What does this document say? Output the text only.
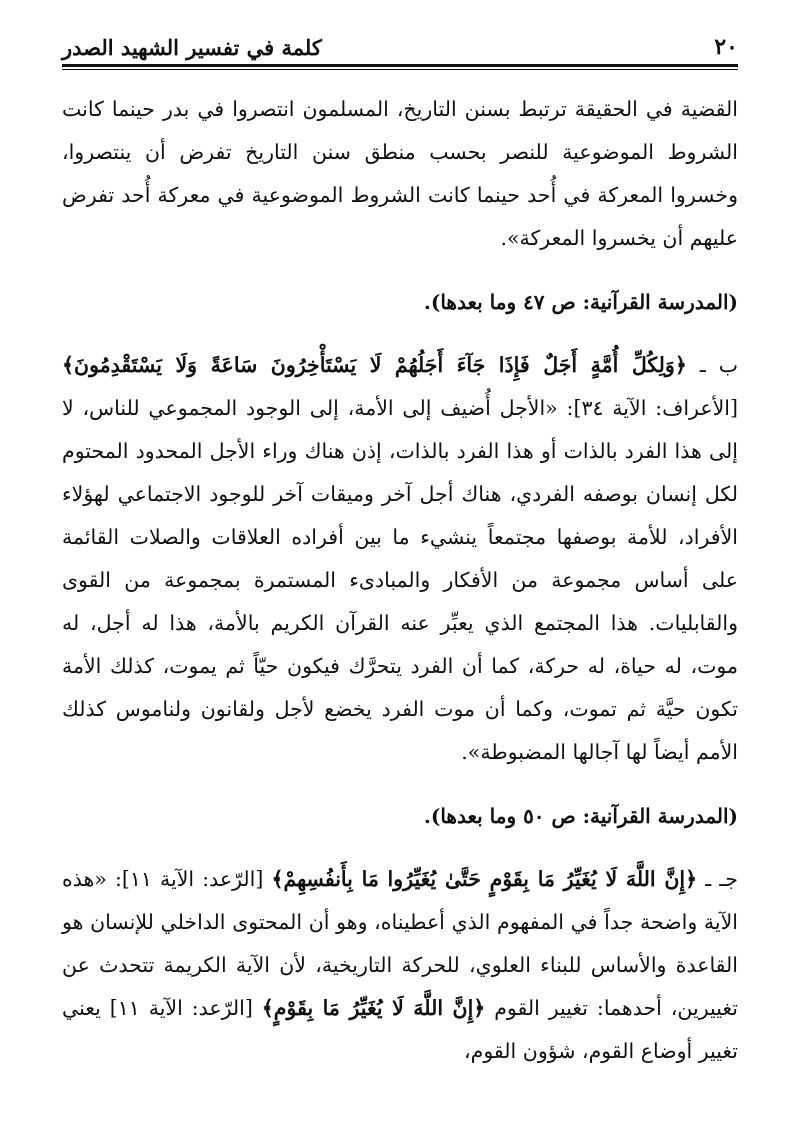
٢٠
كلمة في تفسير الشهيد الصدر

القضية في الحقيقة ترتبط بسنن التاريخ، المسلمون انتصروا في بدر حينما كانت الشروط الموضوعية للنصر بحسب منطق سنن التاريخ تفرض أن ينتصروا، وخسروا المعركة في أُحد حينما كانت الشروط الموضوعية في معركة أُحد تفرض عليهم أن يخسروا المعركة».

(المدرسة القرآنية: ص ٤٧ وما بعدها).

ب ـ ﴿وَلِكُلِّ أُمَّةٍ أَجَلٌ فَإِذَا جَآءَ أَجَلُهُمْ لَا يَسْتَأْخِرُونَ سَاعَةً وَلَا يَسْتَقْدِمُونَ﴾ [الأعراف: الآية ٣٤]: «الأجل أُضيف إلى الأمة، إلى الوجود المجموعي للناس، لا إلى هذا الفرد بالذات أو هذا الفرد بالذات، إذن هناك وراء الأجل المحدود المحتوم لكل إنسان بوصفه الفردي، هناك أجل آخر وميقات آخر للوجود الاجتماعي لهؤلاء الأفراد، للأمة بوصفها مجتمعاً ينشيء ما بين أفراده العلاقات والصلات القائمة على أساس مجموعة من الأفكار والمبادىء المستمرة بمجموعة من القوى والقابليات. هذا المجتمع الذي يعبِّر عنه القرآن الكريم بالأمة، هذا له أجل، له موت، له حياة، له حركة، كما أن الفرد يتحرَّك فيكون حيّاً ثم يموت، كذلك الأمة تكون حيَّة ثم تموت، وكما أن موت الفرد يخضع لأجل ولقانون ولناموس كذلك الأمم أيضاً لها آجالها المضبوطة».

(المدرسة القرآنية: ص ٥٠ وما بعدها).

جـ ـ ﴿إِنَّ اللَّهَ لَا يُغَيِّرُ مَا بِقَوْمٍ حَتَّىٰ يُغَيِّرُوا مَا بِأَنفُسِهِمْ﴾ [الرّعد: الآية ١١]: «هذه الآية واضحة جداً في المفهوم الذي أعطيناه، وهو أن المحتوى الداخلي للإنسان هو القاعدة والأساس للبناء العلوي، للحركة التاريخية، لأن الآية الكريمة تتحدث عن تغييرين، أحدهما: تغيير القوم ﴿إِنَّ اللَّهَ لَا يُغَيِّرُ مَا بِقَوْمٍ﴾ [الرّعد: الآية ١١] يعني تغيير أوضاع القوم، شؤون القوم،
